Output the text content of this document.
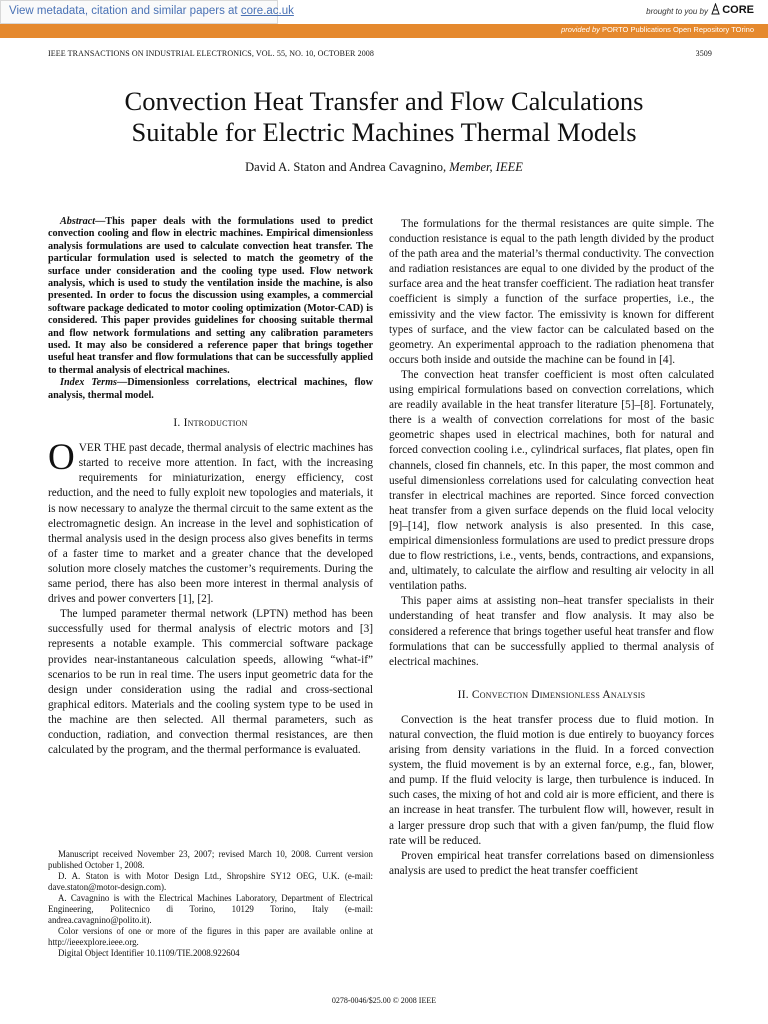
View metadata, citation and similar papers at core.ac.uk	brought to you by	CORE
provided by PORTO Publications Open Repository TOrino
IEEE TRANSACTIONS ON INDUSTRIAL ELECTRONICS, VOL. 55, NO. 10, OCTOBER 2008	3509
Convection Heat Transfer and Flow Calculations
Suitable for Electric Machines Thermal Models
David A. Staton and Andrea Cavagnino, Member, IEEE

Abstract—This paper deals with the formulations used to predict convection cooling and flow in electric machines. Empirical dimensionless analysis formulations are used to calculate convection heat transfer. The particular formulation used is selected to match the geometry of the surface under consideration and the cooling type used. Flow network analysis, which is used to study the ventilation inside the machine, is also presented. In order to focus the discussion using examples, a commercial software package dedicated to motor cooling optimization (Motor-CAD) is considered. This paper provides guidelines for choosing suitable thermal and flow network formulations and setting any calibration parameters used. It may also be considered a reference paper that brings together useful heat transfer and flow formulations that can be successfully applied to thermal analysis of electrical machines.

Index Terms—Dimensionless correlations, electrical machines, flow analysis, thermal model.

I. Introduction

OVER THE past decade, thermal analysis of electric machines has started to receive more attention. In fact, with the increasing requirements for miniaturization, energy efficiency, cost reduction, and the need to fully exploit new topologies and materials, it is now necessary to analyze the thermal circuit to the same extent as the electromagnetic design. An increase in the level and sophistication of thermal analysis used in the design process also gives benefits in terms of a faster time to market and a greater chance that the developed solution more closely matches the customer’s requirements. During the same period, there has also been more interest in thermal analysis of drives and power converters [1], [2].

The lumped parameter thermal network (LPTN) method has been successfully used for thermal analysis of electric motors and [3] represents a notable example. This commercial software package provides near-instantaneous calculation speeds, allowing “what-if” scenarios to be run in real time. The users input geometric data for the design under consideration using the radial and cross-sectional graphical editors. Materials and the cooling system type to be used in the machine are then selected. All thermal parameters, such as conduction, radiation, and convection thermal resistances, are then calculated by the program, and the thermal performance is evaluated.

Manuscript received November 23, 2007; revised March 10, 2008. Current version published October 1, 2008.

D. A. Staton is with Motor Design Ltd., Shropshire SY12 OEG, U.K. (e-mail: dave.staton@motor-design.com).

A. Cavagnino is with the Electrical Machines Laboratory, Department of Electrical Engineering, Politecnico di Torino, 10129 Torino, Italy (e-mail: andrea.cavagnino@polito.it).

Color versions of one or more of the figures in this paper are available online at http://ieeexplore.ieee.org.

Digital Object Identifier 10.1109/TIE.2008.922604

The formulations for the thermal resistances are quite simple. The conduction resistance is equal to the path length divided by the product of the path area and the material’s thermal conductivity. The convection and radiation resistances are equal to one divided by the product of the surface area and the heat transfer coefficient. The radiation heat transfer coefficient is simply a function of the surface properties, i.e., the emissivity and the view factor. The emissivity is known for different types of surface, and the view factor can be calculated based on the geometry. An experimental approach to the radiation phenomena that occurs both inside and outside the machine can be found in [4].

The convection heat transfer coefficient is most often calculated using empirical formulations based on convection correlations, which are readily available in the heat transfer literature [5]–[8]. Fortunately, there is a wealth of convection correlations for most of the basic geometric shapes used in electrical machines, both for natural and forced convection cooling i.e., cylindrical surfaces, flat plates, open fin channels, closed fin channels, etc. In this paper, the most common and useful dimensionless correlations used for calculating convection heat transfer in electrical machines are reported. Since forced convection heat transfer from a given surface depends on the fluid local velocity [9]–[14], flow network analysis is also presented. In this case, empirical dimensionless formulations are used to predict pressure drops due to flow restrictions, i.e., vents, bends, contractions, and expansions, and, ultimately, to calculate the airflow and resulting air velocity in all ventilation paths.

This paper aims at assisting non–heat transfer specialists in their understanding of heat transfer and flow analysis. It may also be considered a reference that brings together useful heat transfer and flow formulations that can be successfully applied to thermal analysis of electrical machines.

II. Convection Dimensionless Analysis

Convection is the heat transfer process due to fluid motion. In natural convection, the fluid motion is due entirely to buoyancy forces arising from density variations in the fluid. In a forced convection system, the fluid movement is by an external force, e.g., fan, blower, and pump. If the fluid velocity is large, then turbulence is induced. In such cases, the mixing of hot and cold air is more efficient, and there is an increase in heat transfer. The turbulent flow will, however, result in a larger pressure drop such that with a given fan/pump, the fluid flow rate will be reduced.

Proven empirical heat transfer correlations based on dimensionless analysis are used to predict the heat transfer coefficient

0278-0046/$25.00 © 2008 IEEE
